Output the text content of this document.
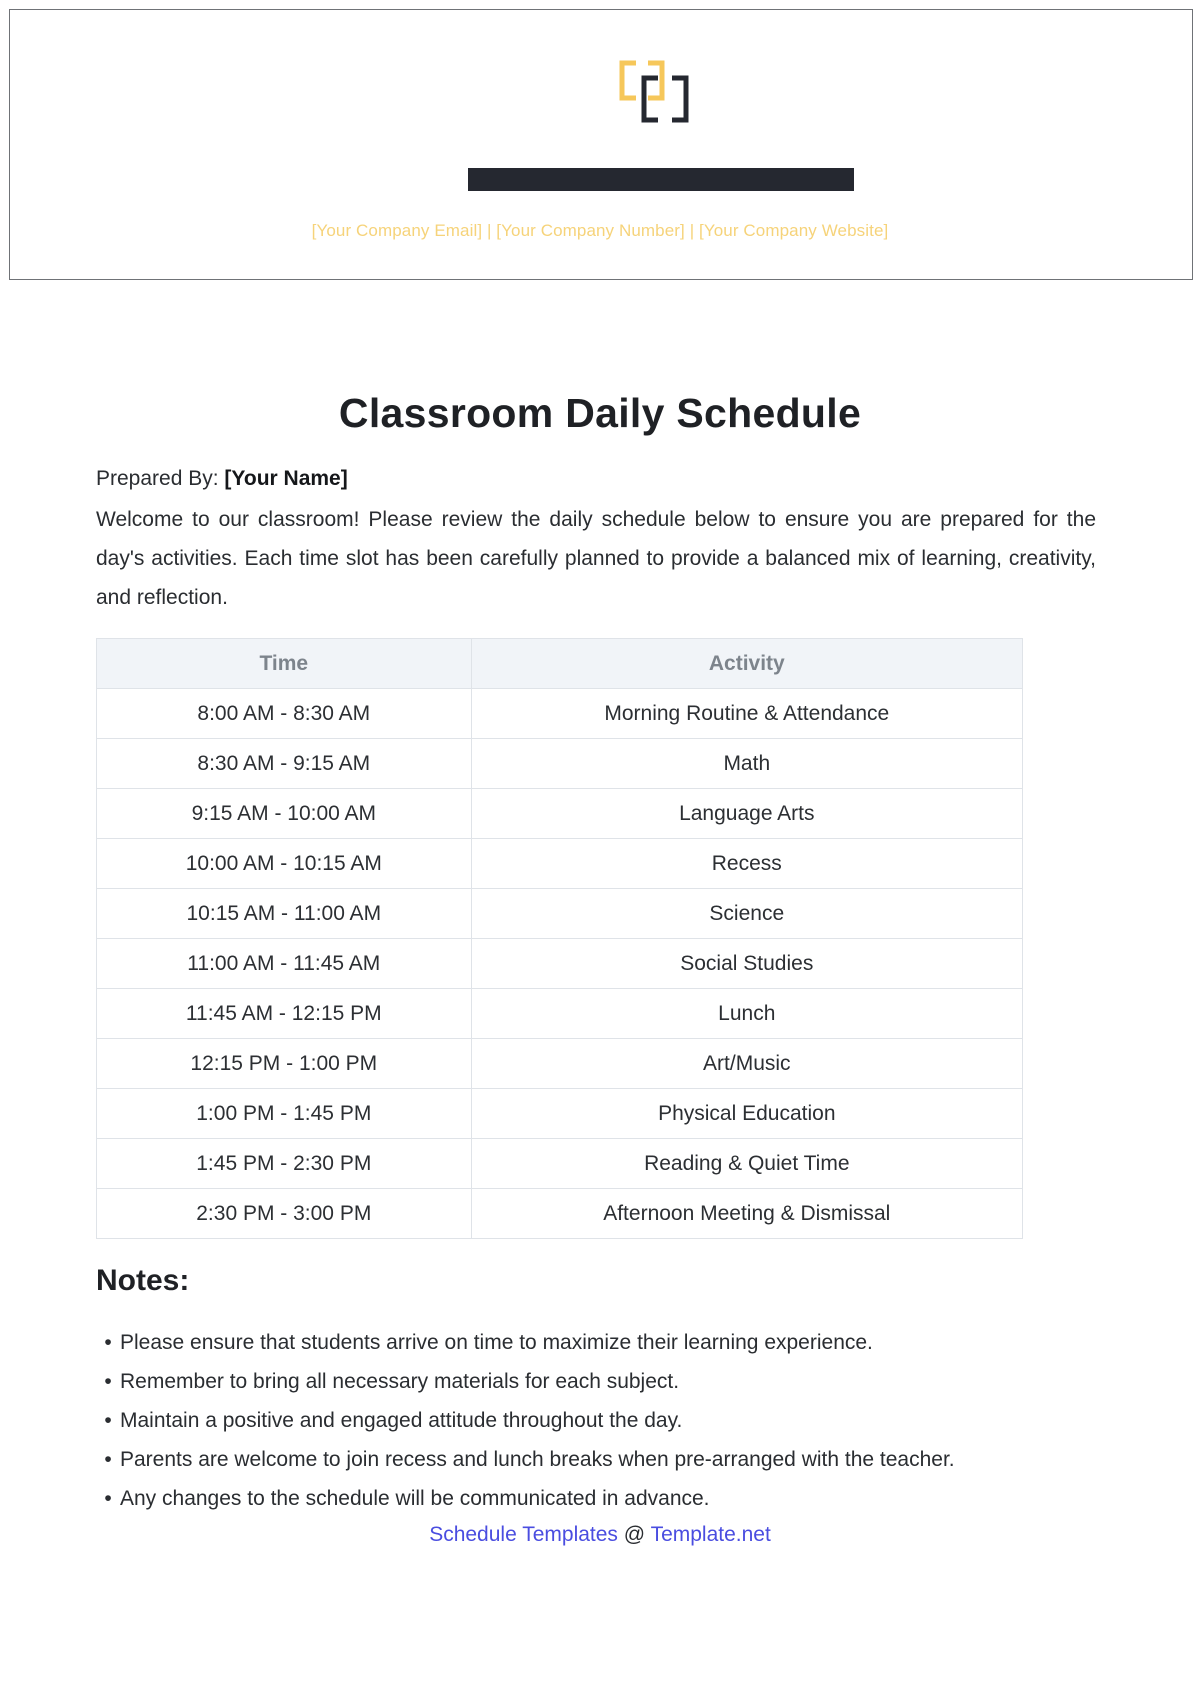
[Your Company Email] | [Your Company Number] | [Your Company Website]
Classroom Daily Schedule
Prepared By: [Your Name]
Welcome to our classroom! Please review the daily schedule below to ensure you are prepared for the day's activities. Each time slot has been carefully planned to provide a balanced mix of learning, creativity, and reflection.
Time	Activity
8:00 AM - 8:30 AM	Morning Routine & Attendance
8:30 AM - 9:15 AM	Math
9:15 AM - 10:00 AM	Language Arts
10:00 AM - 10:15 AM	Recess
10:15 AM - 11:00 AM	Science
11:00 AM - 11:45 AM	Social Studies
11:45 AM - 12:15 PM	Lunch
12:15 PM - 1:00 PM	Art/Music
1:00 PM - 1:45 PM	Physical Education
1:45 PM - 2:30 PM	Reading & Quiet Time
2:30 PM - 3:00 PM	Afternoon Meeting & Dismissal
Notes:
• Please ensure that students arrive on time to maximize their learning experience.
• Remember to bring all necessary materials for each subject.
• Maintain a positive and engaged attitude throughout the day.
• Parents are welcome to join recess and lunch breaks when pre-arranged with the teacher.
• Any changes to the schedule will be communicated in advance.
Schedule Templates @ Template.net
